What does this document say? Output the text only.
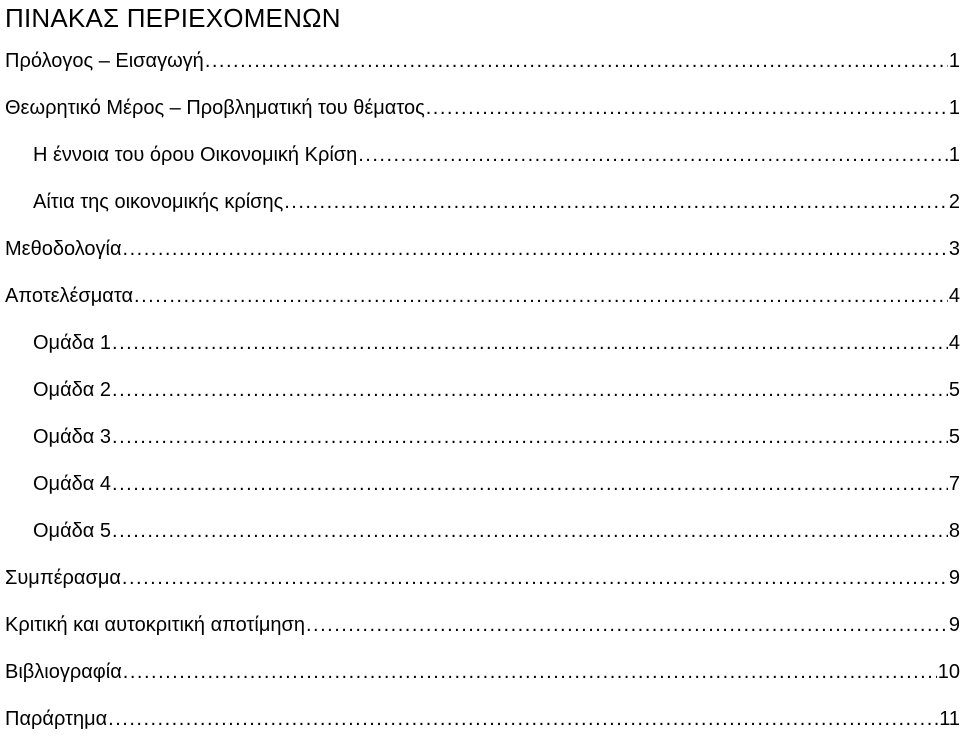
ΠΙΝΑΚΑΣ ΠΕΡΙΕΧΟΜΕΝΩΝ
Πρόλογος – Εισαγωγή .....	1
Θεωρητικό Μέρος – Προβληματική του θέματος .....	1
Η έννοια του όρου Οικονομική Κρίση .....	1
Αίτια της οικονομικής κρίσης .....	2
Μεθοδολογία .....	3
Αποτελέσματα .....	4
Ομάδα 1 .....	4
Ομάδα 2 .....	5
Ομάδα 3 .....	5
Ομάδα 4 .....	7
Ομάδα 5 .....	8
Συμπέρασμα .....	9
Κριτική και αυτοκριτική αποτίμηση .....	9
Βιβλιογραφία .....	10
Παράρτημα .....	11
